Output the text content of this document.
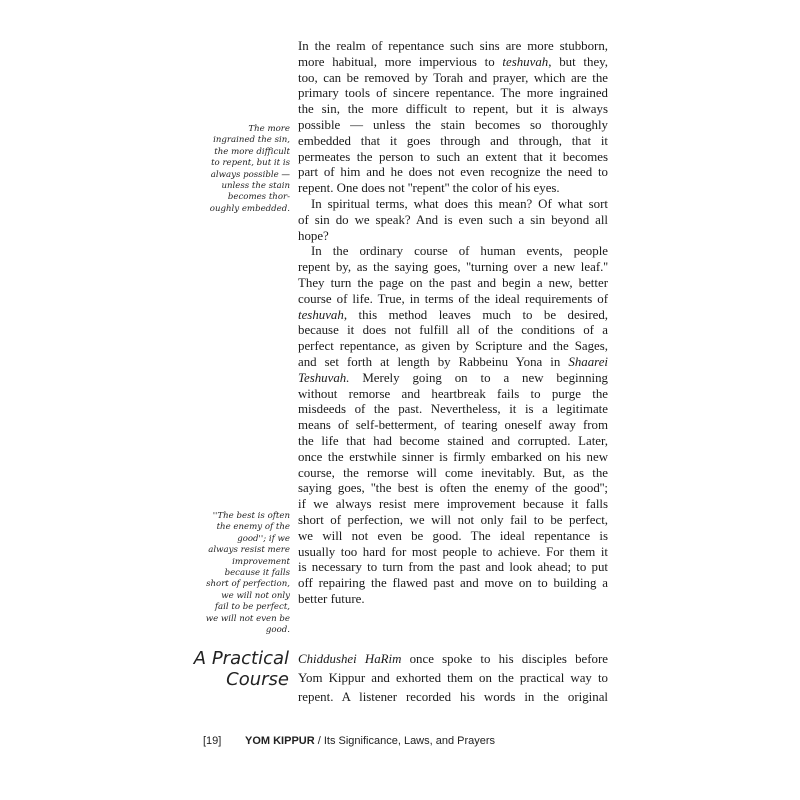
In the realm of repentance such sins are more stubborn,
more habitual, more impervious to teshuvah, but they,
too, can be removed by Torah and prayer, which are the
primary tools of sincere repentance. The more ingrained
the sin, the more difficult to repent, but it is always
possible — unless the stain becomes so thoroughly
embedded that it goes through and through, that it
permeates the person to such an extent that it becomes
part of him and he does not even recognize the need to
repent. One does not ''repent'' the color of his eyes.
In spiritual terms, what does this mean? Of what sort
of sin do we speak? And is even such a sin beyond all
hope?
In the ordinary course of human events, people
repent by, as the saying goes, ''turning over a new leaf.''
They turn the page on the past and begin a new, better
course of life. True, in terms of the ideal requirements of
teshuvah, this method leaves much to be desired,
because it does not fulfill all of the conditions of a
perfect repentance, as given by Scripture and the Sages,
and set forth at length by Rabbeinu Yona in Shaarei
Teshuvah. Merely going on to a new beginning
without remorse and heartbreak fails to purge the
misdeeds of the past. Nevertheless, it is a legitimate
means of self-betterment, of tearing oneself away from
the life that had become stained and corrupted. Later,
once the erstwhile sinner is firmly embarked on his new
course, the remorse will come inevitably. But, as the
saying goes, ''the best is often the enemy of the good'';
if we always resist mere improvement because it falls
short of perfection, we will not only fail to be perfect,
we will not even be good. The ideal repentance is
usually too hard for most people to achieve. For them it
is necessary to turn from the past and look ahead; to put
off repairing the flawed past and move on to building a
better future.
The more
ingrained the sin,
the more difficult
to repent, but it is
always possible —
unless the stain
becomes thor-
oughly embedded.
''The best is often
the enemy of the
good''; if we
always resist mere
improvement
because it falls
short of perfection,
we will not only
fail to be perfect,
we will not even be
good.
A Practical
Course
Chiddushei HaRim once spoke to his disciples before
Yom Kippur and exhorted them on the practical way to
repent. A listener recorded his words in the original
[19] YOM KIPPUR / Its Significance, Laws, and Prayers
